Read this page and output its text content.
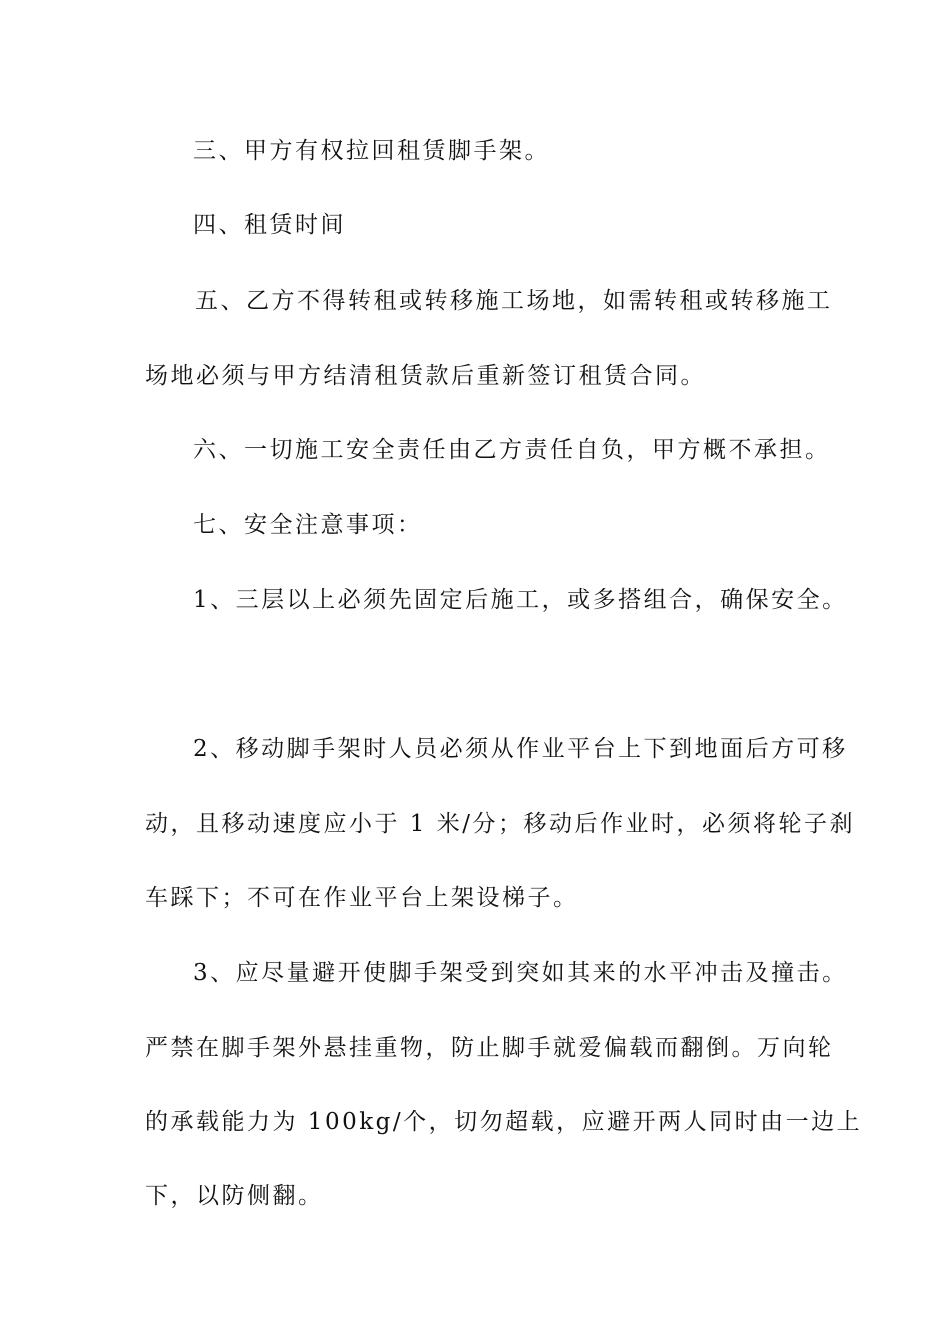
三、甲方有权拉回租赁脚手架。
四、租赁时间
五、乙方不得转租或转移施工场地，如需转租或转移施工
场地必须与甲方结清租赁款后重新签订租赁合同。
六、一切施工安全责任由乙方责任自负，甲方概不承担。
七、安全注意事项：
1、三层以上必须先固定后施工，或多搭组合，确保安全。
2、移动脚手架时人员必须从作业平台上下到地面后方可移
动，且移动速度应小于 1 米/分；移动后作业时，必须将轮子刹
车踩下；不可在作业平台上架设梯子。
3、应尽量避开使脚手架受到突如其来的水平冲击及撞击。
严禁在脚手架外悬挂重物，防止脚手就爱偏载而翻倒。万向轮
的承载能力为 100kg/个，切勿超载，应避开两人同时由一边上
下，以防侧翻。
